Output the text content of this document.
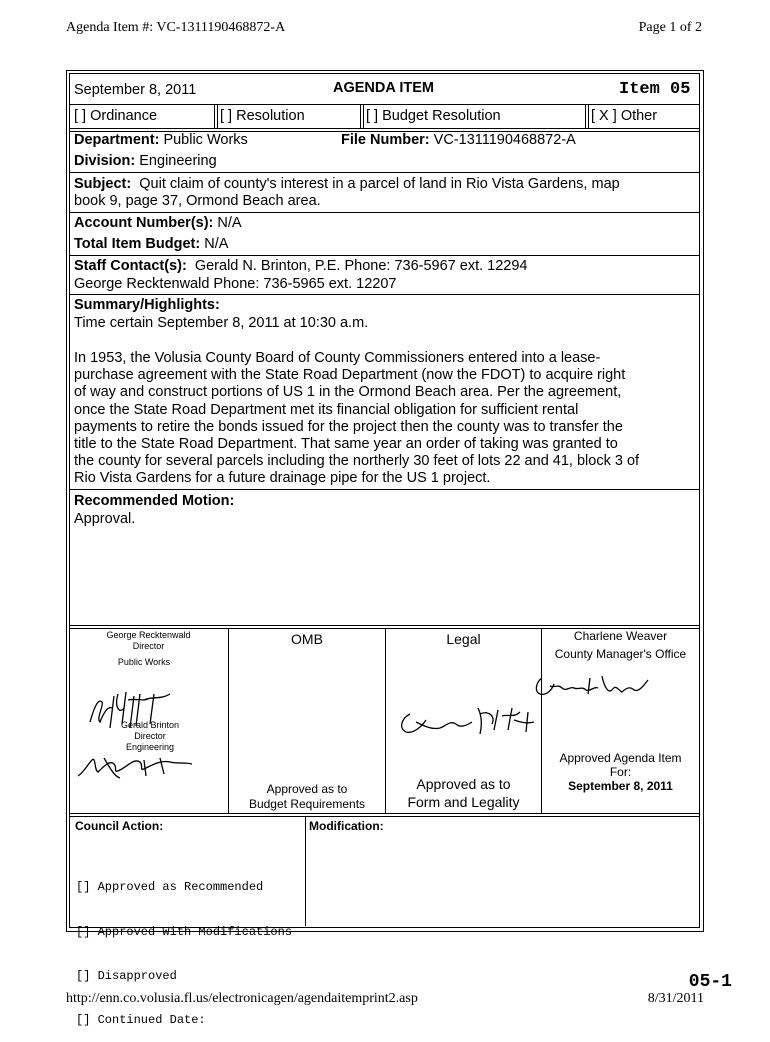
Agenda Item #: VC-1311190468872-A	Page 1 of 2
September 8, 2011	AGENDA ITEM	Item 05
[ ] Ordinance	[ ] Resolution	[ ] Budget Resolution	[ X ] Other
Department: Public Works	File Number: VC-1311190468872-A
Division: Engineering
Subject: Quit claim of county's interest in a parcel of land in Rio Vista Gardens, map
book 9, page 37, Ormond Beach area.
Account Number(s): N/A
Total Item Budget: N/A
Staff Contact(s): Gerald N. Brinton, P.E. Phone: 736-5967 ext. 12294
George Recktenwald Phone: 736-5965 ext. 12207
Summary/Highlights:
Time certain September 8, 2011 at 10:30 a.m.
In 1953, the Volusia County Board of County Commissioners entered into a lease-
purchase agreement with the State Road Department (now the FDOT) to acquire right
of way and construct portions of US 1 in the Ormond Beach area. Per the agreement,
once the State Road Department met its financial obligation for sufficient rental
payments to retire the bonds issued for the project then the county was to transfer the
title to the State Road Department. That same year an order of taking was granted to
the county for several parcels including the northerly 30 feet of lots 22 and 41, block 3 of
Rio Vista Gardens for a future drainage pipe for the US 1 project.
Recommended Motion:
Approval.
George Recktenwald
Director
Public Works
Gerald Brinton
Director
Engineering
OMB
Approved as to
Budget Requirements
Legal
Approved as to
Form and Legality
Charlene Weaver
County Manager's Office
Approved Agenda Item
For:
September 8, 2011
Council Action:	Modification:

[] Approved as Recommended

[] Approved With Modifications

[] Disapproved

[] Continued Date:

05-1
http://enn.co.volusia.fl.us/electronicagen/agendaitemprint2.asp	8/31/2011
